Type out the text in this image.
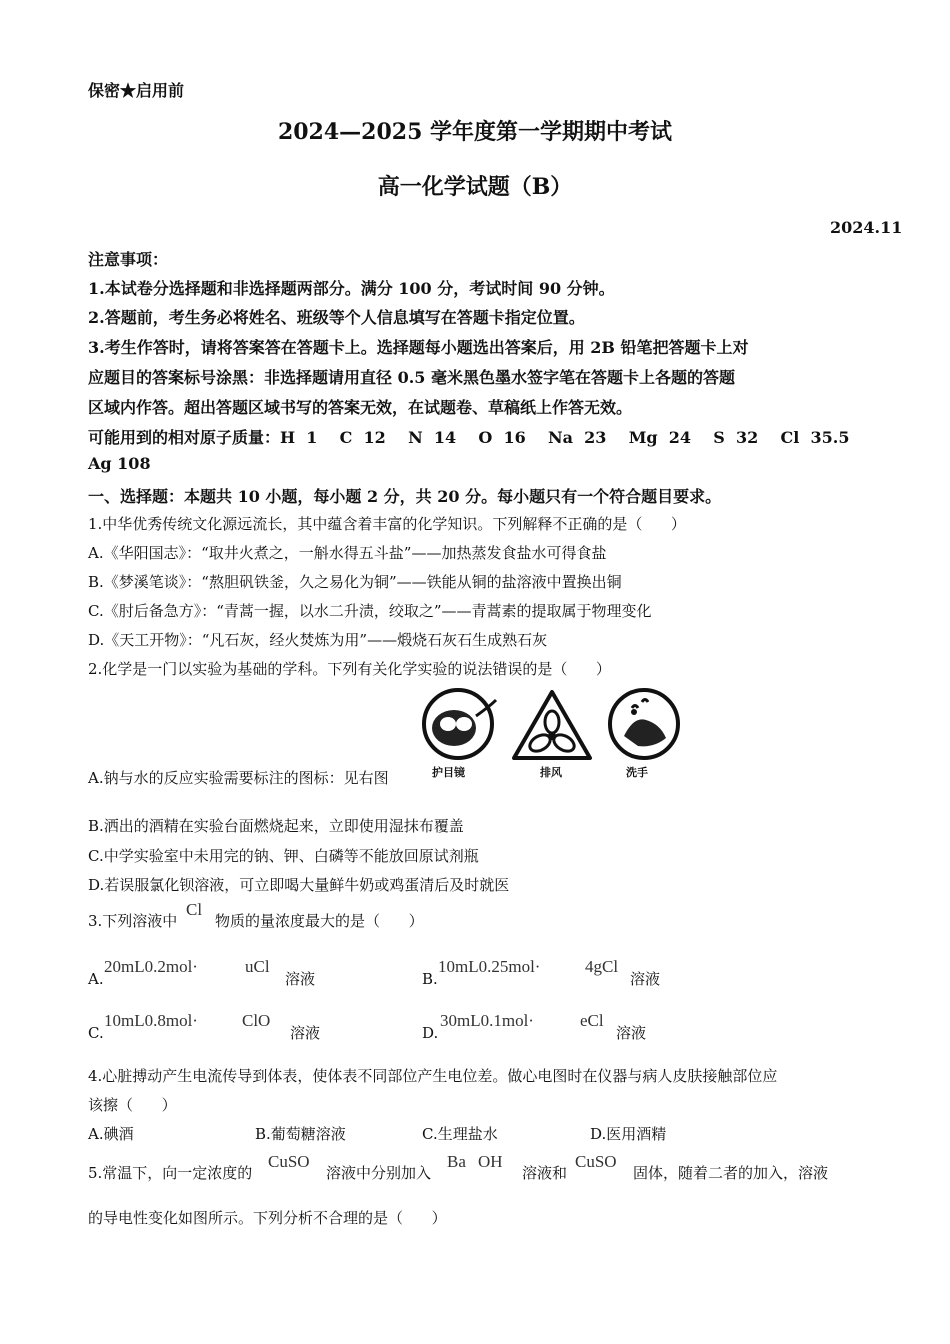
保密★启用前
2024—2025 学年度第一学期期中考试
高一化学试题（B）
2024.11
注意事项：
1.本试卷分选择题和非选择题两部分。满分 100 分，考试时间 90 分钟。
2.答题前，考生务必将姓名、班级等个人信息填写在答题卡指定位置。
3.考生作答时，请将答案答在答题卡上。选择题每小题选出答案后，用 2B 铅笔把答题卡上对
应题目的答案标号涂黑：非选择题请用直径 0.5 毫米黑色墨水签字笔在答题卡上各题的答题
区域内作答。超出答题区域书写的答案无效，在试题卷、草稿纸上作答无效。
可能用到的相对原子质量：H  1    C  12    N  14    O  16    Na  23    Mg  24    S  32    Cl  35.5
Ag 108
一、选择题：本题共 10 小题，每小题 2 分，共 20 分。每小题只有一个符合题目要求。
1.中华优秀传统文化源远流长，其中蕴含着丰富的化学知识。下列解释不正确的是（      ）
A.《华阳国志》：“取井火煮之，一斛水得五斗盐”——加热蒸发食盐水可得食盐
B.《梦溪笔谈》：“熬胆矾铁釜，久之易化为铜”——铁能从铜的盐溶液中置换出铜
C.《肘后备急方》：“青蒿一握，以水二升渍，绞取之”——青蒿素的提取属于物理变化
D.《天工开物》：“凡石灰，经火焚炼为用”——煅烧石灰石生成熟石灰
2.化学是一门以实验为基础的学科。下列有关化学实验的说法错误的是（      ）
A.钠与水的反应实验需要标注的图标：见右图	护目镜	排风	洗手
B.洒出的酒精在实验台面燃烧起来，立即使用湿抹布覆盖
C.中学实验室中未用完的钠、钾、白磷等不能放回原试剂瓶
D.若误服氯化钡溶液，可立即喝大量鲜牛奶或鸡蛋清后及时就医
3.下列溶液中
Cl
物质的量浓度最大的是（      ）
A.
20mL0.2mol·	uCl
溶液	B.
10mL0.25mol·	4gCl
溶液
C.
10mL0.8mol·	ClO
溶液	D.
30mL0.1mol·	eCl
溶液
4.心脏搏动产生电流传导到体表，使体表不同部位产生电位差。做心电图时在仪器与病人皮肤接触部位应
该擦（      ）
A.碘酒	B.葡萄糖溶液	C.生理盐水	D.医用酒精
5.常温下，向一定浓度的
CuSO
溶液中分别加入
Ba OH
溶液和
CuSO
固体，随着二者的加入，溶液
的导电性变化如图所示。下列分析不合理的是（      ）
